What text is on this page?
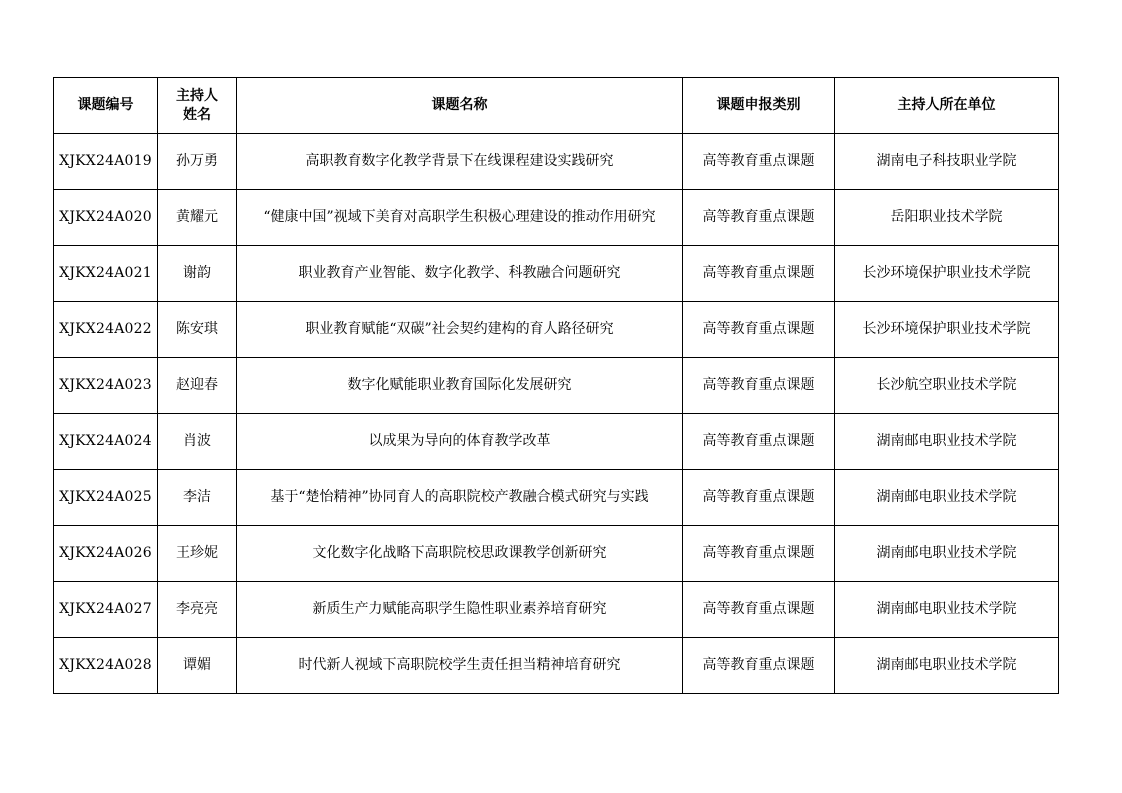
课题编号	主持人姓名	课题名称	课题申报类别	主持人所在单位
XJKX24A019	孙万勇	高职教育数字化教学背景下在线课程建设实践研究	高等教育重点课题	湖南电子科技职业学院
XJKX24A020	黄耀元	“健康中国”视域下美育对高职学生积极心理建设的推动作用研究	高等教育重点课题	岳阳职业技术学院
XJKX24A021	谢韵	职业教育产业智能、数字化教学、科教融合问题研究	高等教育重点课题	长沙环境保护职业技术学院
XJKX24A022	陈安琪	职业教育赋能“双碳”社会契约建构的育人路径研究	高等教育重点课题	长沙环境保护职业技术学院
XJKX24A023	赵迎春	数字化赋能职业教育国际化发展研究	高等教育重点课题	长沙航空职业技术学院
XJKX24A024	肖波	以成果为导向的体育教学改革	高等教育重点课题	湖南邮电职业技术学院
XJKX24A025	李洁	基于“楚怡精神”协同育人的高职院校产教融合模式研究与实践	高等教育重点课题	湖南邮电职业技术学院
XJKX24A026	王珍妮	文化数字化战略下高职院校思政课教学创新研究	高等教育重点课题	湖南邮电职业技术学院
XJKX24A027	李亮亮	新质生产力赋能高职学生隐性职业素养培育研究	高等教育重点课题	湖南邮电职业技术学院
XJKX24A028	谭媚	时代新人视域下高职院校学生责任担当精神培育研究	高等教育重点课题	湖南邮电职业技术学院
